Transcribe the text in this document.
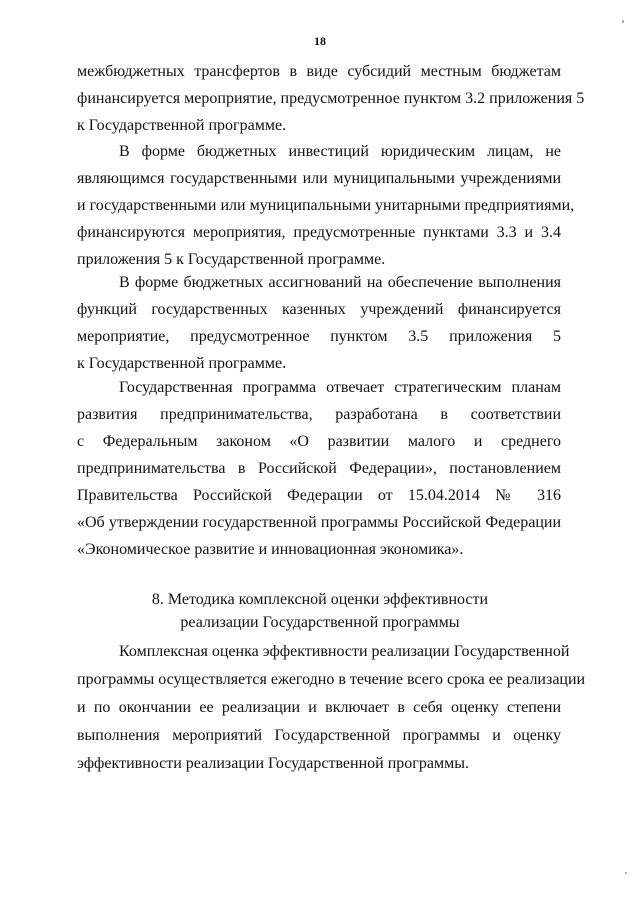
18
межбюджетных трансфертов в виде субсидий местным бюджетам
финансируется мероприятие, предусмотренное пунктом 3.2 приложения 5
к Государственной программе.
В форме бюджетных инвестиций юридическим лицам, не
являющимся государственными или муниципальными учреждениями
и государственными или муниципальными унитарными предприятиями,
финансируются мероприятия, предусмотренные пунктами 3.3 и 3.4
приложения 5 к Государственной программе.
В форме бюджетных ассигнований на обеспечение выполнения
функций государственных казенных учреждений финансируется
мероприятие, предусмотренное пунктом 3.5 приложения 5
к Государственной программе.
Государственная программа отвечает стратегическим планам
развития предпринимательства, разработана в соответствии
с Федеральным законом «О развитии малого и среднего
предпринимательства в Российской Федерации», постановлением
Правительства Российской Федерации от 15.04.2014 № 316
«Об утверждении государственной программы Российской Федерации
«Экономическое развитие и инновационная экономика».
8. Методика комплексной оценки эффективности
реализации Государственной программы
Комплексная оценка эффективности реализации Государственной
программы осуществляется ежегодно в течение всего срока ее реализации
и по окончании ее реализации и включает в себя оценку степени
выполнения мероприятий Государственной программы и оценку
эффективности реализации Государственной программы.
